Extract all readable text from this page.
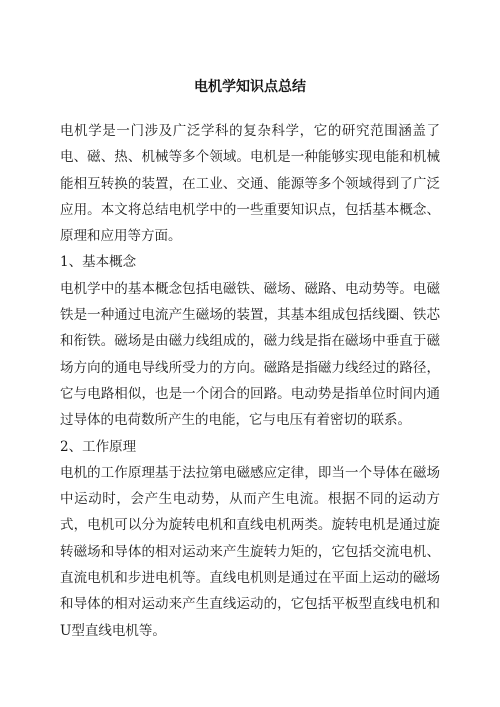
电机学知识点总结

电机学是一门涉及广泛学科的复杂科学，它的研究范围涵盖了电、磁、热、机械等多个领域。电机是一种能够实现电能和机械能相互转换的装置，在工业、交通、能源等多个领域得到了广泛应用。本文将总结电机学中的一些重要知识点，包括基本概念、原理和应用等方面。

1、基本概念

电机学中的基本概念包括电磁铁、磁场、磁路、电动势等。电磁铁是一种通过电流产生磁场的装置，其基本组成包括线圈、铁芯和衔铁。磁场是由磁力线组成的，磁力线是指在磁场中垂直于磁场方向的通电导线所受力的方向。磁路是指磁力线经过的路径，它与电路相似，也是一个闭合的回路。电动势是指单位时间内通过导体的电荷数所产生的电能，它与电压有着密切的联系。

2、工作原理

电机的工作原理基于法拉第电磁感应定律，即当一个导体在磁场中运动时，会产生电动势，从而产生电流。根据不同的运动方式，电机可以分为旋转电机和直线电机两类。旋转电机是通过旋转磁场和导体的相对运动来产生旋转力矩的，它包括交流电机、直流电机和步进电机等。直线电机则是通过在平面上运动的磁场和导体的相对运动来产生直线运动的，它包括平板型直线电机和U型直线电机等。
